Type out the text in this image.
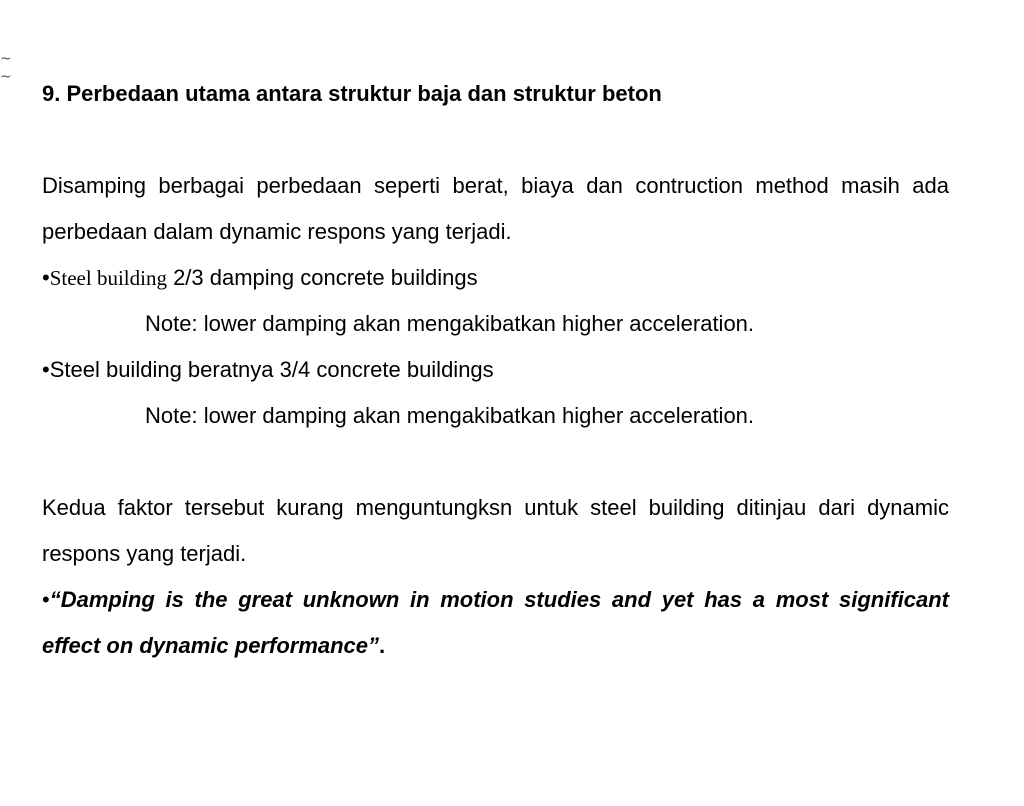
~
~
9. Perbedaan utama antara struktur baja dan struktur beton

Disamping berbagai perbedaan seperti berat, biaya dan contruction method masih ada perbedaan dalam dynamic respons yang terjadi.

•Steel building 2/3 damping concrete buildings

Note: lower damping akan mengakibatkan higher acceleration.

•Steel building beratnya 3/4 concrete buildings

Note: lower damping akan mengakibatkan higher acceleration.

Kedua faktor tersebut kurang menguntungksn untuk steel building ditinjau dari dynamic respons yang terjadi.

•“Damping is the great unknown in motion studies and yet has a most significant effect on dynamic performance”.
